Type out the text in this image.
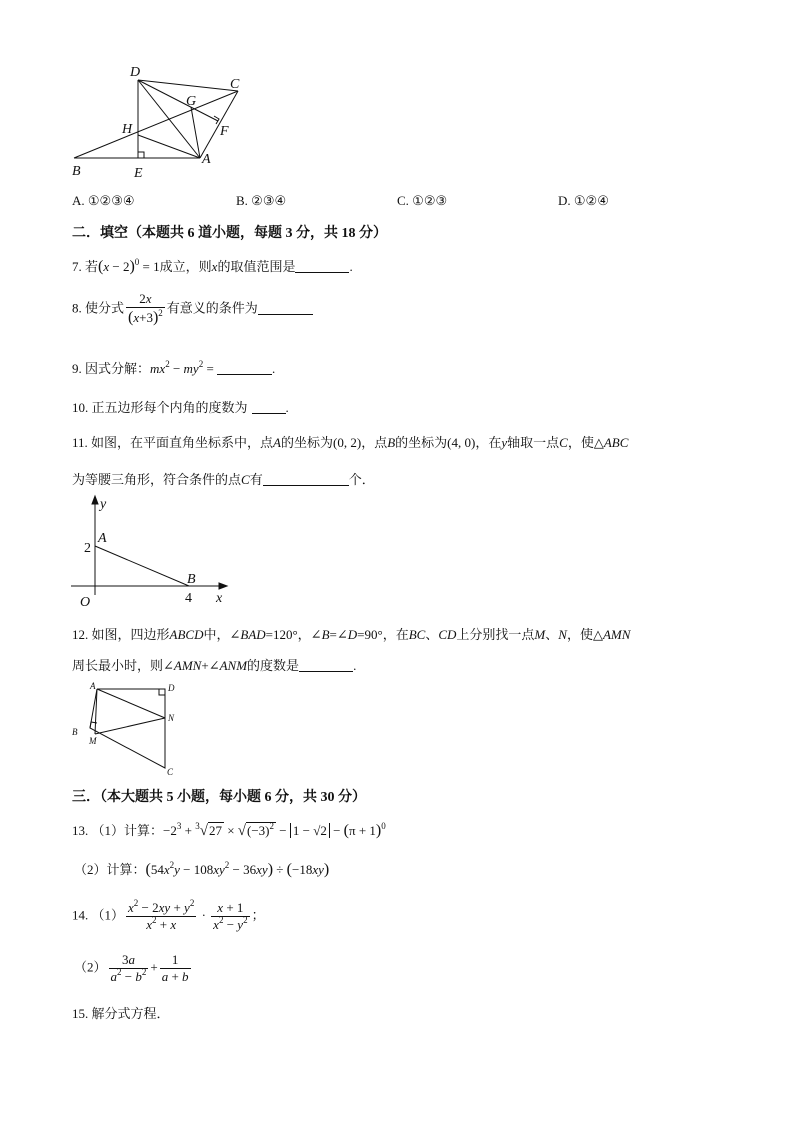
D
C
G
H	F
B	E
A
A. ①②③④	B. ②③④	C. ①②③	D. ①②④
二．填空（本题共 6 道小题，每题 3 分，共 18 分）
7. 若$(x - 2)^0 = 1$成立，则x的取值范围是	.
8. 使分式 $\frac{2x}{(x+3)^2}$ 有意义的条件为
9. 因式分解：$mx^2 - my^2$ =	.
10. 正五边形每个内角的度数为	.
11. 如图，在平面直角坐标系中，点A的坐标为(0, 2)，点B的坐标为(4, 0)，在y轴取一点C，使△ABC
为等腰三角形，符合条件的点C有	个．
y
A
2
O
B
4 x
12. 如图，四边形ABCD中，∠BAD=120°，∠B=∠D=90°，在BC、CD上分别找一点M、N，使△AMN
周长最小时，则∠AMN+∠ANM的度数是	.
A	D
N
B
M
C
三．（本大题共 5 小题，每小题 6 分，共 30 分）
13. （1）计算：$-2^3 + ^3√27 \times √(-3)^2 - 1 - √2 - (\pi + 1)^0$
（2）计算：$(54x^2y - 108xy^2 - 36xy) \div (-18xy)$
14. $(1) \frac{x^2 - 2xy + y^2}{x^2 + x} \cdot \frac{x + 1}{x^2 - y^2}$ ；
$(2) \frac{3a}{a^2 - b^2} + \frac{1}{a + b}$
15. 解分式方程．
